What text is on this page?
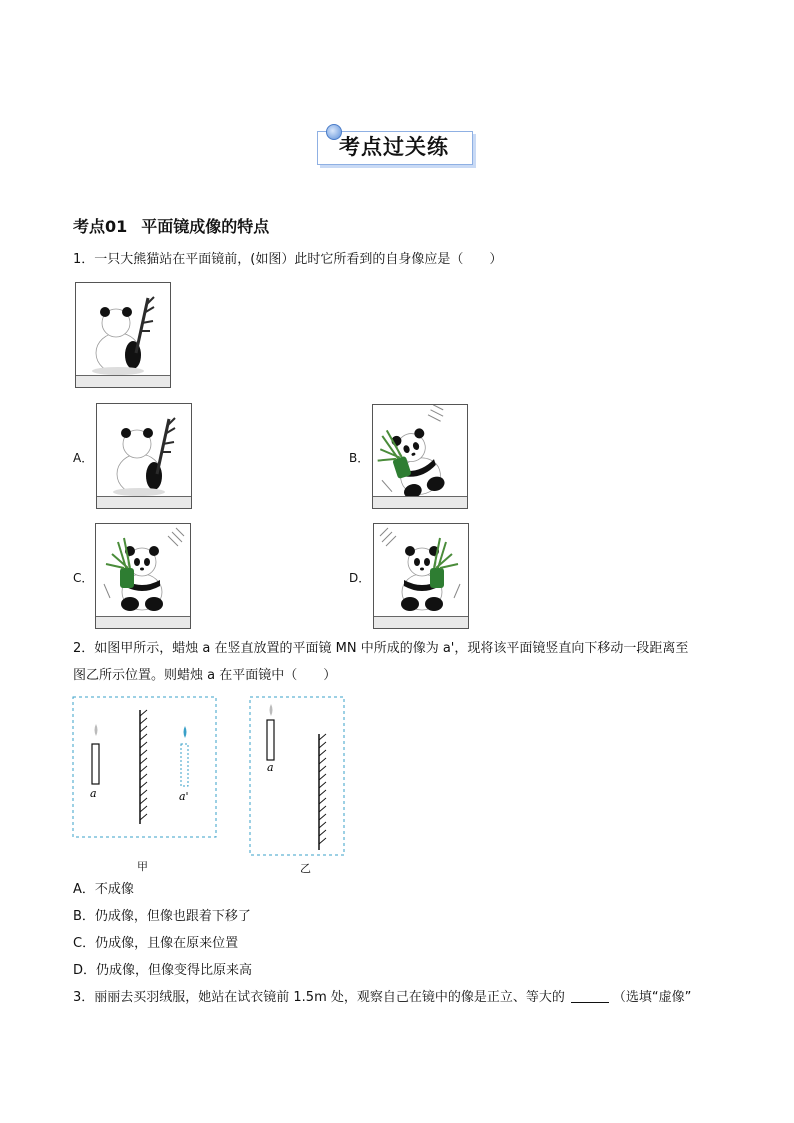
考点过关练
考点01 平面镜成像的特点
1．一只大熊猫站在平面镜前，(如图）此时它所看到的自身像应是（　　）
A．	B．
C．	D．
2．如图甲所示，蜡烛 a 在竖直放置的平面镜 MN 中所成的像为 a'，现将该平面镜竖直向下移动一段距离至
图乙所示位置。则蜡烛 a 在平面镜中（　　）
a	a'
甲
a
乙
A．不成像
B．仍成像，但像也跟着下移了
C．仍成像，且像在原来位置
D．仍成像，但像变得比原来高
3．丽丽去买羽绒服，她站在试衣镜前 1.5m 处，观察自己在镜中的像是正立、等大的	（选填“虚像”
